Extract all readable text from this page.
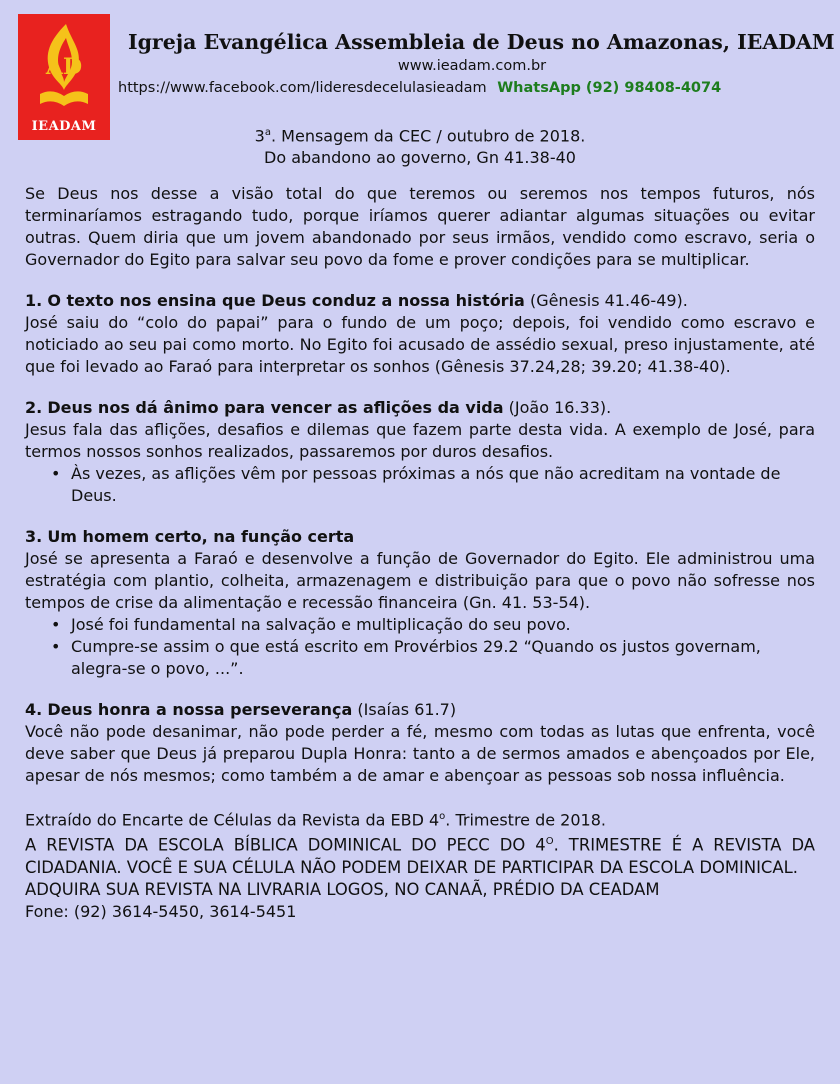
AD
IEADAM
Igreja Evangélica Assembleia de Deus no Amazonas, IEADAM
www.ieadam.com.br
https://www.facebook.com/lideresdecelulasieadam WhatsApp (92) 98408-4074
3$^a$. Mensagem da CEC / outubro de 2018.
Do abandono ao governo, Gn 41.38-40

Se Deus nos desse a visão total do que teremos ou seremos nos tempos futuros, nós terminaríamos estragando tudo, porque iríamos querer adiantar algumas situações ou evitar outras. Quem diria que um jovem abandonado por seus irmãos, vendido como escravo, seria o Governador do Egito para salvar seu povo da fome e prover condições para se multiplicar.

1. O texto nos ensina que Deus conduz a nossa história (Gênesis 41.46-49).

José saiu do “colo do papai” para o fundo de um poço; depois, foi vendido como escravo e noticiado ao seu pai como morto. No Egito foi acusado de assédio sexual, preso injustamente, até que foi levado ao Faraó para interpretar os sonhos (Gênesis 37.24,28; 39.20; 41.38-40).

2. Deus nos dá ânimo para vencer as aflições da vida (João 16.33).

Jesus fala das aflições, desafios e dilemas que fazem parte desta vida. A exemplo de José, para termos nossos sonhos realizados, passaremos por duros desafios.

• Às vezes, as aflições vêm por pessoas próximas a nós que não acreditam na vontade de Deus.

3. Um homem certo, na função certa

José se apresenta a Faraó e desenvolve a função de Governador do Egito. Ele administrou uma estratégia com plantio, colheita, armazenagem e distribuição para que o povo não sofresse nos tempos de crise da alimentação e recessão financeira (Gn. 41. 53-54).

• José foi fundamental na salvação e multiplicação do seu povo.
• Cumpre-se assim o que está escrito em Provérbios 29.2 “Quando os justos governam, alegra-se o povo, ...”.

4. Deus honra a nossa perseverança (Isaías 61.7)

Você não pode desanimar, não pode perder a fé, mesmo com todas as lutas que enfrenta, você deve saber que Deus já preparou Dupla Honra: tanto a de sermos amados e abençoados por Ele, apesar de nós mesmos; como também a de amar e abençoar as pessoas sob nossa influência.

Extraído do Encarte de Células da Revista da EBD 4$^o$. Trimestre de 2018.

A REVISTA DA ESCOLA BÍBLICA DOMINICAL DO PECC DO $4^O$. TRIMESTRE É A REVISTA DA CIDADANIA. VOCÊ E SUA CÉLULA NÃO PODEM DEIXAR DE PARTICIPAR DA ESCOLA DOMINICAL.

ADQUIRA SUA REVISTA NA LIVRARIA LOGOS, NO CANAÃ, PRÉDIO DA CEADAM

Fone: (92) 3614-5450, 3614-5451
